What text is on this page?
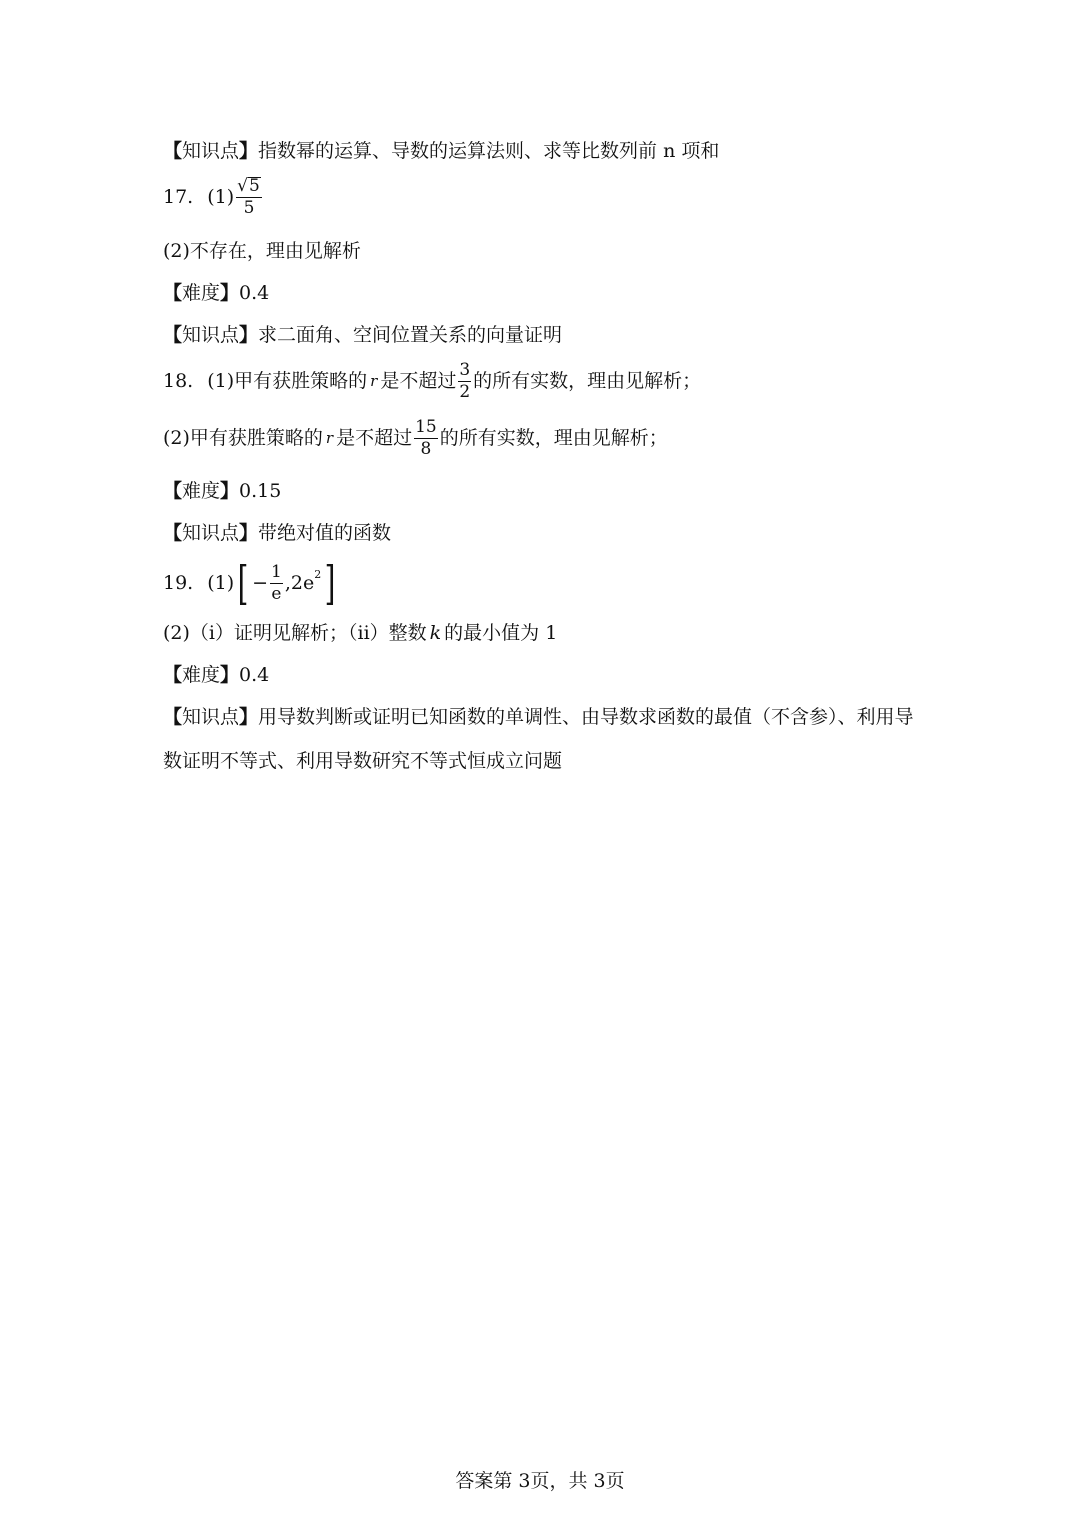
【 知识点 】 指数幂的运算、导数的运算法则、求等比数列前 n 项和
17. $(1) \frac{√ 5}{5}$
(2)不存在，理由见解析
【 难度 】 0.4
【 知识点 】 求二面角、空间位置关系的向量证明
18. (1)甲有获胜策略的 r 是不超过 $\frac{3}{2}$ 的所有实数，理由见解析；
(2)甲有获胜策略的 r 是不超过 $\frac{15}{8}$ 的所有实数，理由见解析；
【 难度 】 0.15
【 知识点 】 带绝对值的函数
19. (1) [ − $\frac{1}{e} ,2e$ 2 ]
(2)（i）证明见解析；（ii）整数 k 的最小值为 1
【 难度 】 0.4
【 知识点 】 用导数判断或证明已知函数的单调性、由导数求函数的最值（不含参）、利用导
数证明不等式、利用导数研究不等式恒成立问题
答案第 3页，共 3页
